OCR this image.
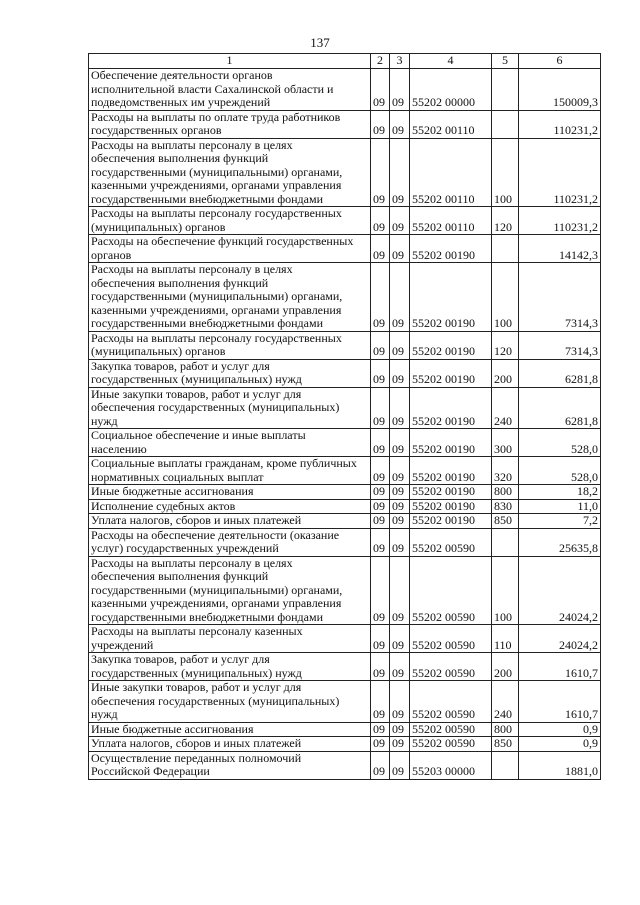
137
1	2	3	4	5	6
Обеспечение деятельности органов
исполнительной власти Сахалинской области и
подведомственных им учреждений	09	09	55202 00000		150009,3
Расходы на выплаты по оплате труда работников
государственных органов	09	09	55202 00110		110231,2
Расходы на выплаты персоналу в целях
обеспечения выполнения функций
государственными (муниципальными) органами,
казенными учреждениями, органами управления
государственными внебюджетными фондами	09	09	55202 00110	100	110231,2
Расходы на выплаты персоналу государственных
(муниципальных) органов	09	09	55202 00110	120	110231,2
Расходы на обеспечение функций государственных
органов	09	09	55202 00190		14142,3
Расходы на выплаты персоналу в целях
обеспечения выполнения функций
государственными (муниципальными) органами,
казенными учреждениями, органами управления
государственными внебюджетными фондами	09	09	55202 00190	100	7314,3
Расходы на выплаты персоналу государственных
(муниципальных) органов	09	09	55202 00190	120	7314,3
Закупка товаров, работ и услуг для
государственных (муниципальных) нужд	09	09	55202 00190	200	6281,8
Иные закупки товаров, работ и услуг для
обеспечения государственных (муниципальных)
нужд	09	09	55202 00190	240	6281,8
Социальное обеспечение и иные выплаты
населению	09	09	55202 00190	300	528,0
Социальные выплаты гражданам, кроме публичных
нормативных социальных выплат	09	09	55202 00190	320	528,0
Иные бюджетные ассигнования	09	09	55202 00190	800	18,2
Исполнение судебных актов	09	09	55202 00190	830	11,0
Уплата налогов, сборов и иных платежей	09	09	55202 00190	850	7,2
Расходы на обеспечение деятельности (оказание
услуг) государственных учреждений	09	09	55202 00590		25635,8
Расходы на выплаты персоналу в целях
обеспечения выполнения функций
государственными (муниципальными) органами,
казенными учреждениями, органами управления
государственными внебюджетными фондами	09	09	55202 00590	100	24024,2
Расходы на выплаты персоналу казенных
учреждений	09	09	55202 00590	110	24024,2
Закупка товаров, работ и услуг для
государственных (муниципальных) нужд	09	09	55202 00590	200	1610,7
Иные закупки товаров, работ и услуг для
обеспечения государственных (муниципальных)
нужд	09	09	55202 00590	240	1610,7
Иные бюджетные ассигнования	09	09	55202 00590	800	0,9
Уплата налогов, сборов и иных платежей	09	09	55202 00590	850	0,9
Осуществление переданных полномочий
Российской Федерации	09	09	55203 00000		1881,0
